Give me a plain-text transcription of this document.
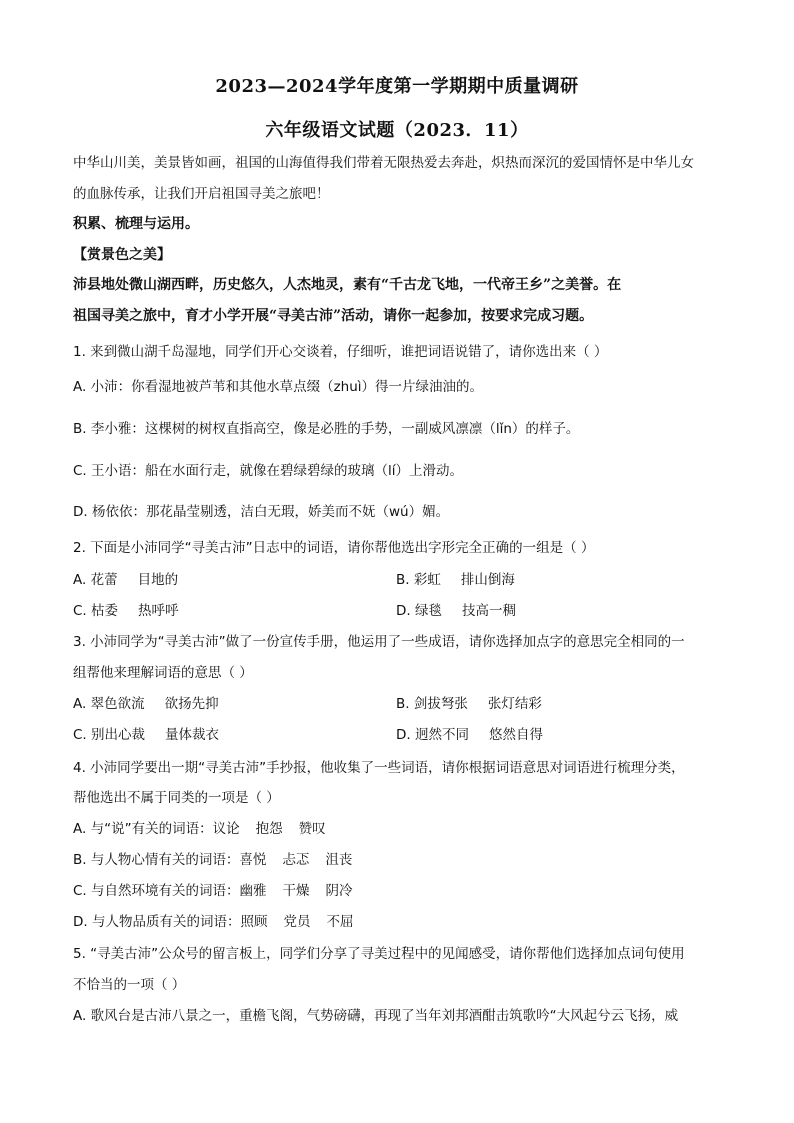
2023—2024学年度第一学期期中质量调研
六年级语文试题（2023．11）
中华山川美，美景皆如画，祖国的山海值得我们带着无限热爱去奔赴，炽热而深沉的爱国情怀是中华儿女
的血脉传承，让我们开启祖国寻美之旅吧！
积累、梳理与运用。
【赏景色之美】
沛县地处微山湖西畔，历史悠久，人杰地灵，素有“千古龙飞地，一代帝王乡”之美誉。在
祖国寻美之旅中，育才小学开展“寻美古沛”活动，请你一起参加，按要求完成习题。
1. 来到微山湖千岛湿地，同学们开心交谈着，仔细听，谁把词语说错了，请你选出来（ ）
A. 小沛：你看湿地被芦苇和其他水草点缀（zhuì）得一片绿油油的。
B. 李小雅：这棵树的树杈直指高空，像是必胜的手势，一副威风凛凛（lǐn）的样子。
C. 王小语：船在水面行走，就像在碧绿碧绿的玻璃（lí）上滑动。
D. 杨依依：那花晶莹剔透，洁白无瑕，娇美而不妩（wú）媚。
2. 下面是小沛同学“寻美古沛”日志中的词语，请你帮他选出字形完全正确的一组是（ ）
A. 花蕾 目地的	B. 彩虹 排山倒海
C. 枯委 热呼呼	D. 绿毯 技高一稠
3. 小沛同学为“寻美古沛”做了一份宣传手册，他运用了一些成语，请你选择加点字的意思完全相同的一
组帮他来理解词语的意思（ ）
A. 翠色欲流 欲扬先抑	B. 剑拔弩张 张灯结彩
C. 别出心裁 量体裁衣	D. 迥然不同 悠然自得
4. 小沛同学要出一期“寻美古沛”手抄报，他收集了一些词语，请你根据词语意思对词语进行梳理分类，
帮他选出不属于同类的一项是（ ）
A. 与“说”有关的词语：议论 抱怨 赞叹
B. 与人物心情有关的词语：喜悦 忐忑 沮丧
C. 与自然环境有关的词语：幽雅 干燥 阴冷
D. 与人物品质有关的词语：照顾 党员 不屈
5. “寻美古沛”公众号的留言板上，同学们分享了寻美过程中的见闻感受，请你帮他们选择加点词句使用
不恰当的一项（ ）
A. 歌风台是古沛八景之一，重檐飞阁，气势磅礴，再现了当年刘邦酒酣击筑歌吟“大风起兮云飞扬，威
